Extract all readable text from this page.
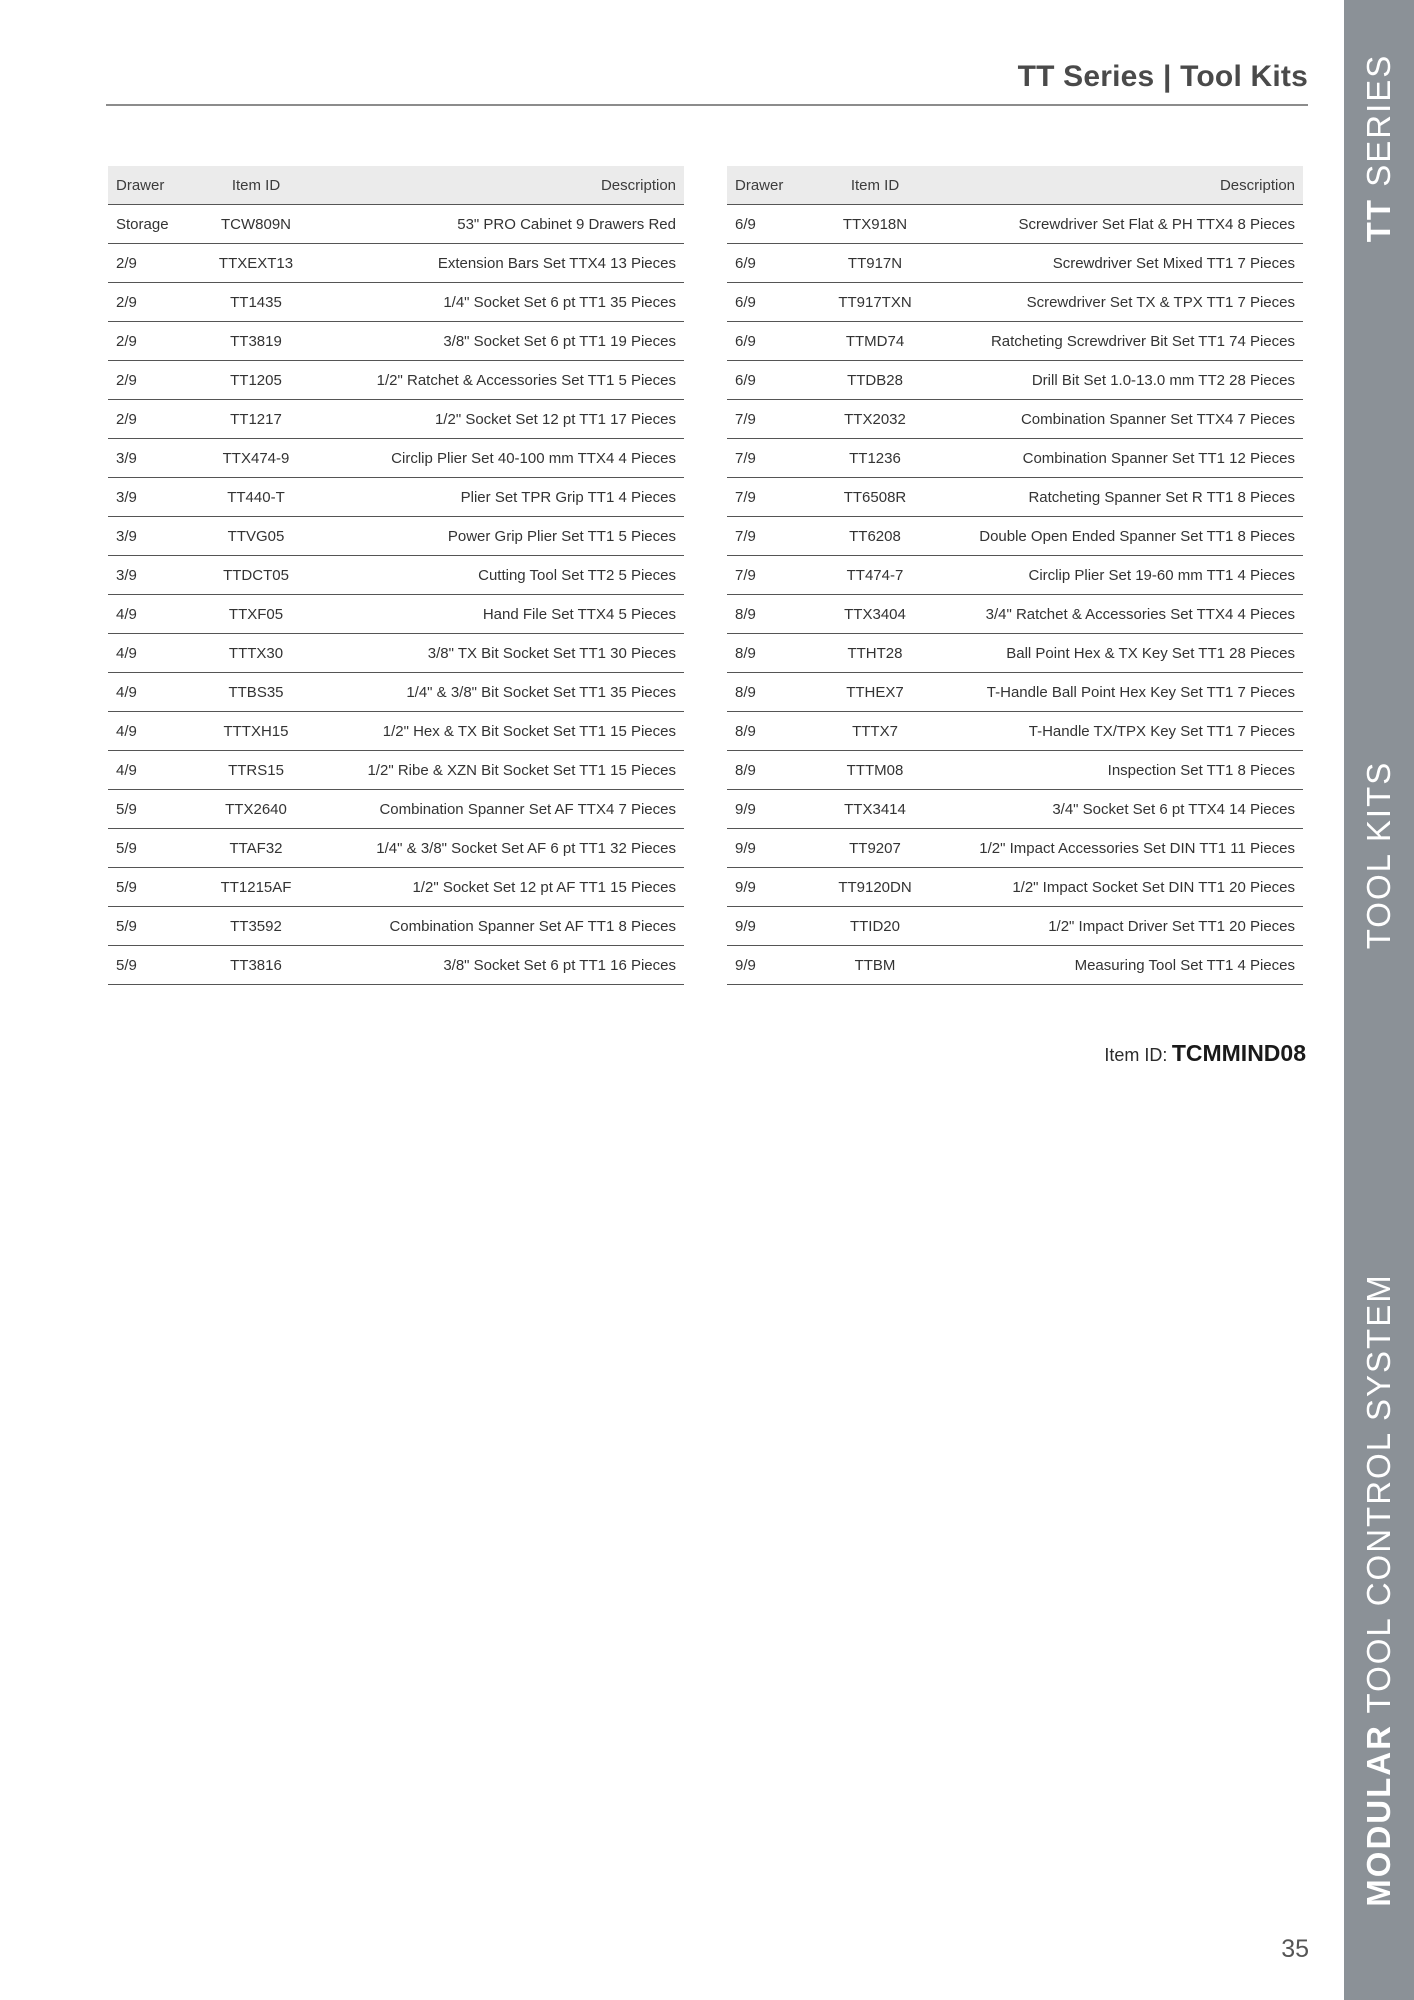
TT Series | Tool Kits
Drawer	Item ID	Description
Storage	TCW809N	53" PRO Cabinet 9 Drawers Red
2/9	TTXEXT13	Extension Bars Set TTX4 13 Pieces
2/9	TT1435	1/4" Socket Set 6 pt TT1 35 Pieces
2/9	TT3819	3/8" Socket Set 6 pt TT1 19 Pieces
2/9	TT1205	1/2" Ratchet & Accessories Set TT1 5 Pieces
2/9	TT1217	1/2" Socket Set 12 pt TT1 17 Pieces
3/9	TTX474-9	Circlip Plier Set 40-100 mm TTX4 4 Pieces
3/9	TT440-T	Plier Set TPR Grip TT1 4 Pieces
3/9	TTVG05	Power Grip Plier Set TT1 5 Pieces
3/9	TTDCT05	Cutting Tool Set TT2 5 Pieces
4/9	TTXF05	Hand File Set TTX4 5 Pieces
4/9	TTTX30	3/8" TX Bit Socket Set TT1 30 Pieces
4/9	TTBS35	1/4" & 3/8" Bit Socket Set TT1 35 Pieces
4/9	TTTXH15	1/2" Hex & TX Bit Socket Set TT1 15 Pieces
4/9	TTRS15	1/2" Ribe & XZN Bit Socket Set TT1 15 Pieces
5/9	TTX2640	Combination Spanner Set AF TTX4 7 Pieces
5/9	TTAF32	1/4" & 3/8" Socket Set AF 6 pt TT1 32 Pieces
5/9	TT1215AF	1/2" Socket Set 12 pt AF TT1 15 Pieces
5/9	TT3592	Combination Spanner Set AF TT1 8 Pieces
5/9	TT3816	3/8" Socket Set 6 pt TT1 16 Pieces
Drawer	Item ID	Description
6/9	TTX918N	Screwdriver Set Flat & PH TTX4 8 Pieces
6/9	TT917N	Screwdriver Set Mixed TT1 7 Pieces
6/9	TT917TXN	Screwdriver Set TX & TPX TT1 7 Pieces
6/9	TTMD74	Ratcheting Screwdriver Bit Set TT1 74 Pieces
6/9	TTDB28	Drill Bit Set 1.0-13.0 mm TT2 28 Pieces
7/9	TTX2032	Combination Spanner Set TTX4 7 Pieces
7/9	TT1236	Combination Spanner Set TT1 12 Pieces
7/9	TT6508R	Ratcheting Spanner Set R TT1 8 Pieces
7/9	TT6208	Double Open Ended Spanner Set TT1 8 Pieces
7/9	TT474-7	Circlip Plier Set 19-60 mm TT1 4 Pieces
8/9	TTX3404	3/4" Ratchet & Accessories Set TTX4 4 Pieces
8/9	TTHT28	Ball Point Hex & TX Key Set TT1 28 Pieces
8/9	TTHEX7	T-Handle Ball Point Hex Key Set TT1 7 Pieces
8/9	TTTX7	T-Handle TX/TPX Key Set TT1 7 Pieces
8/9	TTTM08	Inspection Set TT1 8 Pieces
9/9	TTX3414	3/4" Socket Set 6 pt TTX4 14 Pieces
9/9	TT9207	1/2" Impact Accessories Set DIN TT1 11 Pieces
9/9	TT9120DN	1/2" Impact Socket Set DIN TT1 20 Pieces
9/9	TTID20	1/2" Impact Driver Set TT1 20 Pieces
9/9	TTBM	Measuring Tool Set TT1 4 Pieces
Item ID: TCMMIND08
TT SERIES
TOOL KITS
MODULAR TOOL CONTROL SYSTEM
35
